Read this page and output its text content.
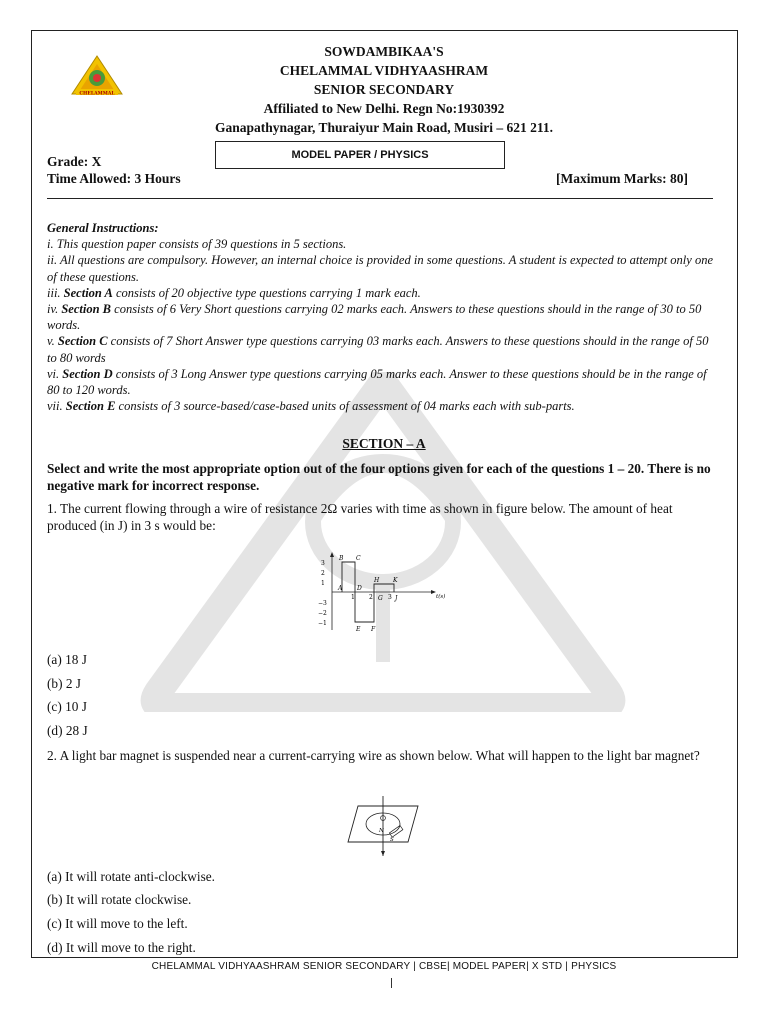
CHELAMMAL
SOWDAMBIKAA'S
CHELAMMAL VIDHYAASHRAM
SENIOR SECONDARY
Affiliated to New Delhi. Regn No:1930392
Ganapathynagar, Thuraiyur Main Road, Musiri – 621 211.
MODEL PAPER / PHYSICS
Grade: X
Time Allowed: 3 Hours	[Maximum Marks: 80]
General Instructions:
i. This question paper consists of 39 questions in 5 sections.
ii. All questions are compulsory. However, an internal choice is provided in some questions. A student is expected to attempt only one of these questions.
iii. Section A consists of 20 objective type questions carrying 1 mark each.
iv. Section B consists of 6 Very Short questions carrying 02 marks each. Answers to these questions should in the range of 30 to 50 words.
v. Section C consists of 7 Short Answer type questions carrying 03 marks each. Answers to these questions should in the range of 50 to 80 words
vi. Section D consists of 3 Long Answer type questions carrying 05 marks each. Answer to these questions should be in the range of 80 to 120 words.
vii. Section E consists of 3 source-based/case-based units of assessment of 04 marks each with sub-parts.
SECTION – A
Select and write the most appropriate option out of the four options given for each of the questions 1 – 20. There is no negative mark for incorrect response.
1. The current flowing through a wire of resistance 2Ω varies with time as shown in figure below. The amount of heat produced (in J) in 3 s would be:
3
2
1
−3
−2
−1
B C
H K
A D
G	J
E F
1 2	3	t(s)
(a) 18 J
(b) 2 J
(c) 10 J
(d) 28 J
2. A light bar magnet is suspended near a current-carrying wire as shown below. What will happen to the light bar magnet?
N
S
(a) It will rotate anti-clockwise.
(b) It will rotate clockwise.
(c) It will move to the left.
(d) It will move to the right.
CHELAMMAL VIDHYAASHRAM SENIOR SECONDARY | CBSE| MODEL PAPER| X STD | PHYSICS
